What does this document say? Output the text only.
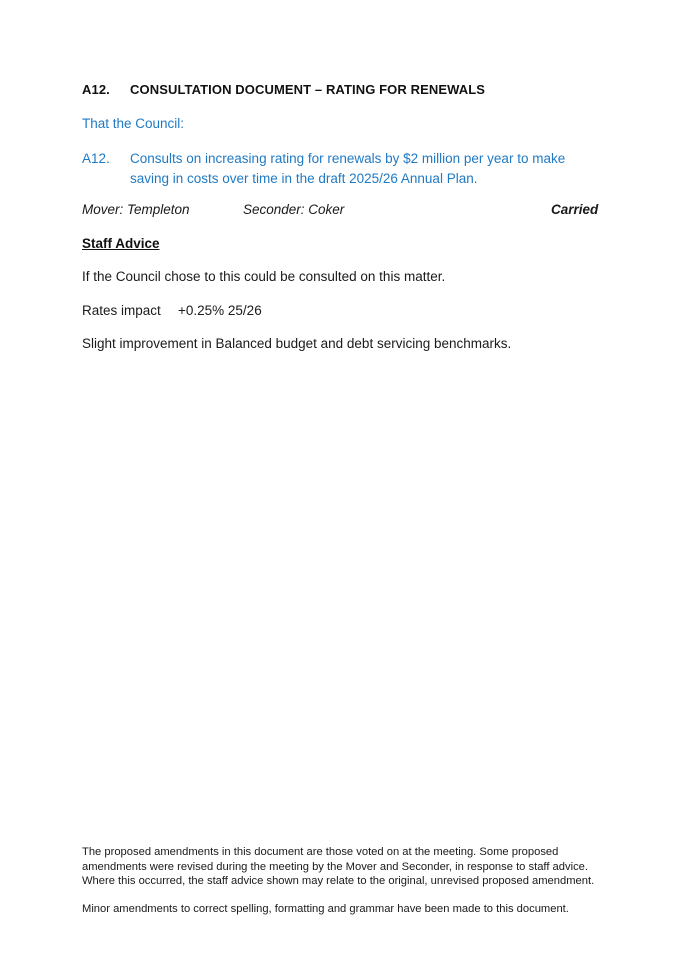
A12. CONSULTATION DOCUMENT – RATING FOR RENEWALS
That the Council:
A12. Consults on increasing rating for renewals by $2 million per year to make saving in costs over time in the draft 2025/26 Annual Plan.
Mover: Templeton	Seconder: Coker	Carried
Staff Advice
If the Council chose to this could be consulted on this matter.
Rates impact +0.25% 25/26
Slight improvement in Balanced budget and debt servicing benchmarks.
The proposed amendments in this document are those voted on at the meeting. Some proposed amendments were revised during the meeting by the Mover and Seconder, in response to staff advice. Where this occurred, the staff advice shown may relate to the original, unrevised proposed amendment.
Minor amendments to correct spelling, formatting and grammar have been made to this document.
